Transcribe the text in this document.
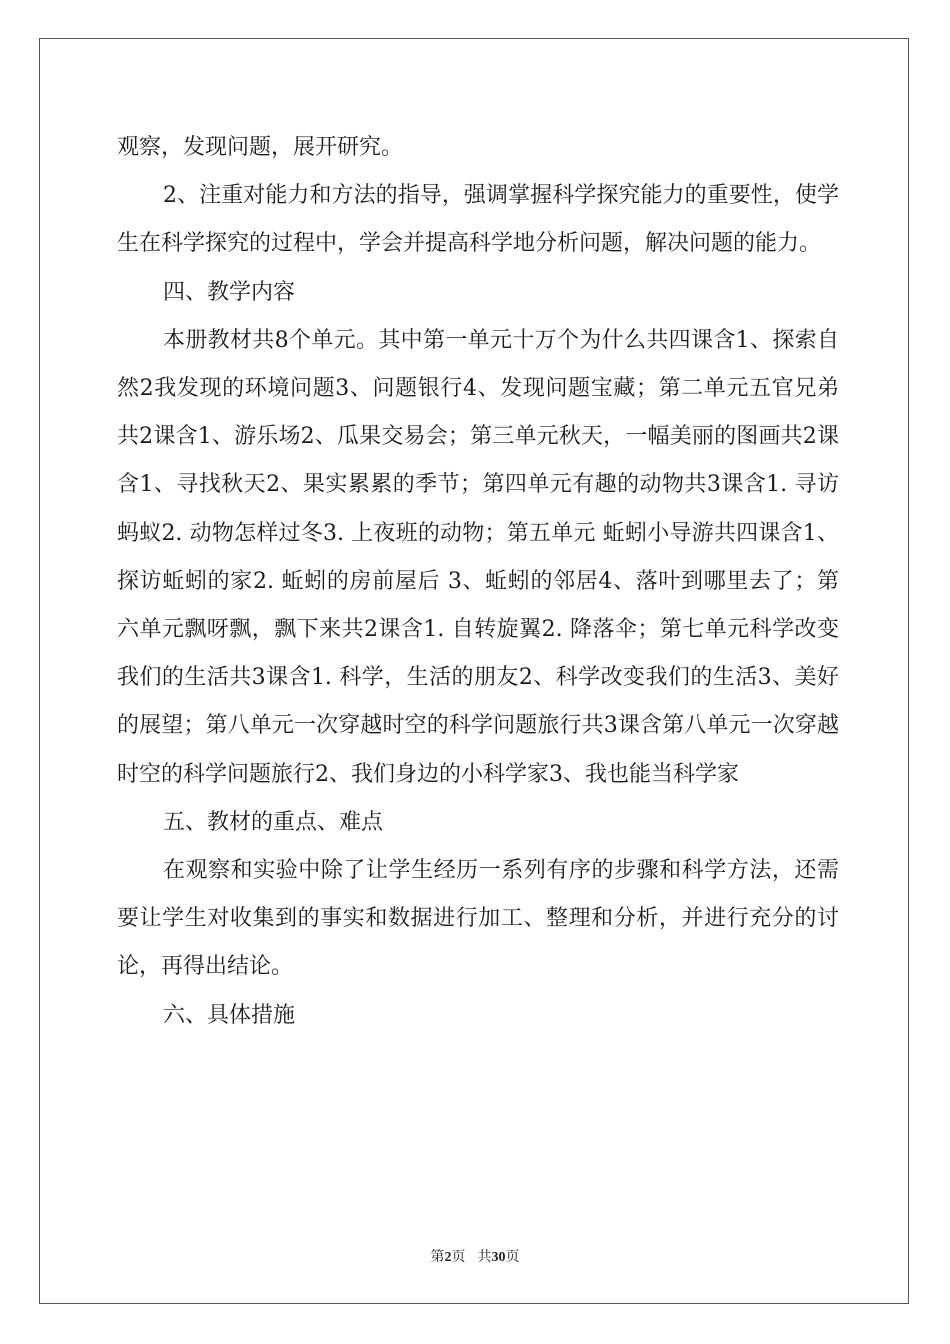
观察，发现问题，展开研究。

2、注重对能力和方法的指导，强调掌握科学探究能力的重要性，使学生在科学探究的过程中，学会并提高科学地分析问题，解决问题的能力。

四、教学内容

本册教材共8个单元。其中第一单元十万个为什么共四课含1、探索自然2我发现的环境问题3、问题银行4、发现问题宝藏；第二单元五官兄弟共2课含1、游乐场2、瓜果交易会；第三单元秋天，一幅美丽的图画共2课含1、寻找秋天2、果实累累的季节；第四单元有趣的动物共3课含1. 寻访蚂蚁2. 动物怎样过冬3. 上夜班的动物；第五单元 蚯蚓小导游共四课含1、探访蚯蚓的家2. 蚯蚓的房前屋后 3、蚯蚓的邻居4、落叶到哪里去了；第六单元飘呀飘，飘下来共2课含1. 自转旋翼2. 降落伞；第七单元科学改变我们的生活共3课含1. 科学，生活的朋友2、科学改变我们的生活3、美好的展望；第八单元一次穿越时空的科学问题旅行共3课含第八单元一次穿越时空的科学问题旅行2、我们身边的小科学家3、我也能当科学家

五、教材的重点、难点

在观察和实验中除了让学生经历一系列有序的步骤和科学方法，还需要让学生对收集到的事实和数据进行加工、整理和分析，并进行充分的讨论，再得出结论。

六、具体措施

第2页 共30页
